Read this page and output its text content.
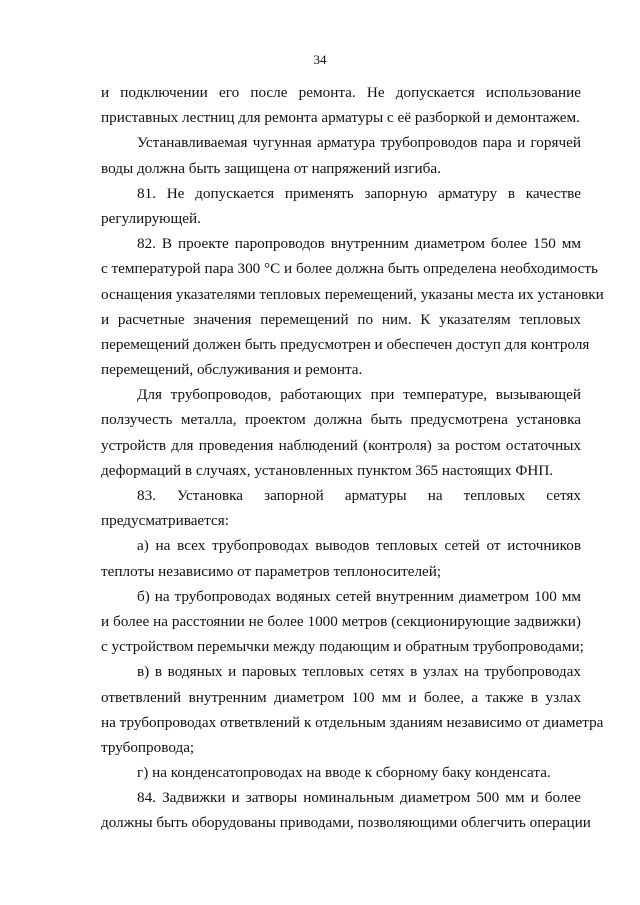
34
и подключении его после ремонта. Не допускается использование
приставных лестниц для ремонта арматуры с её разборкой и демонтажем.
Устанавливаемая чугунная арматура трубопроводов пара и горячей
воды должна быть защищена от напряжений изгиба.
81. Не допускается применять запорную арматуру в качестве
регулирующей.
82. В проекте паропроводов внутренним диаметром более 150 мм
с температурой пара 300 °С и более должна быть определена необходимость
оснащения указателями тепловых перемещений, указаны места их установки
и расчетные значения перемещений по ним. К указателям тепловых
перемещений должен быть предусмотрен и обеспечен доступ для контроля
перемещений, обслуживания и ремонта.
Для трубопроводов, работающих при температуре, вызывающей
ползучесть металла, проектом должна быть предусмотрена установка
устройств для проведения наблюдений (контроля) за ростом остаточных
деформаций в случаях, установленных пунктом 365 настоящих ФНП.
83. Установка запорной арматуры на тепловых сетях
предусматривается:
а) на всех трубопроводах выводов тепловых сетей от источников
теплоты независимо от параметров теплоносителей;
б) на трубопроводах водяных сетей внутренним диаметром 100 мм
и более на расстоянии не более 1000 метров (секционирующие задвижки)
с устройством перемычки между подающим и обратным трубопроводами;
в) в водяных и паровых тепловых сетях в узлах на трубопроводах
ответвлений внутренним диаметром 100 мм и более, а также в узлах
на трубопроводах ответвлений к отдельным зданиям независимо от диаметра
трубопровода;
г) на конденсатопроводах на вводе к сборному баку конденсата.
84. Задвижки и затворы номинальным диаметром 500 мм и более
должны быть оборудованы приводами, позволяющими облегчить операции
